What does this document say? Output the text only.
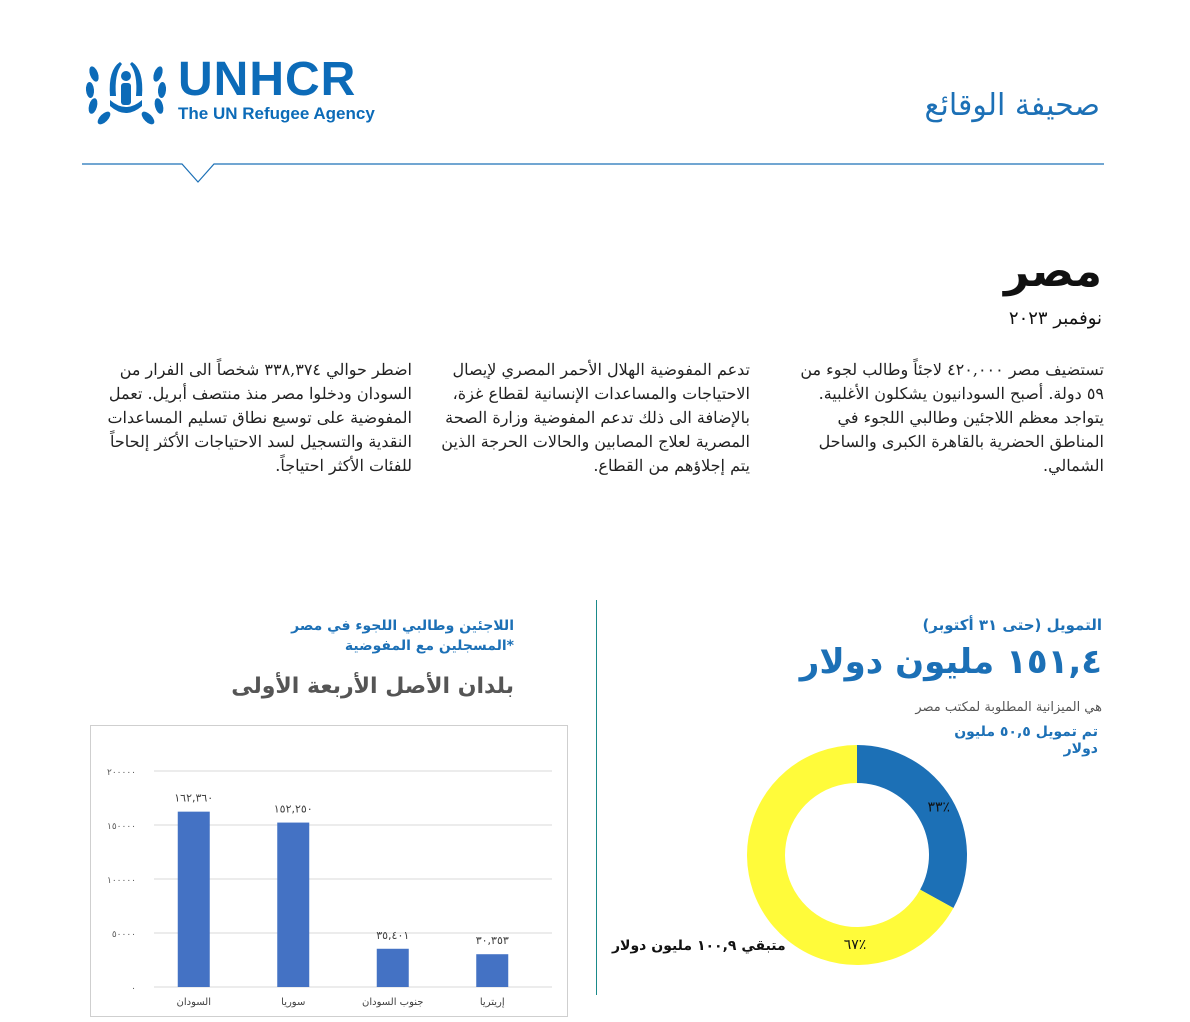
UNHCR
The UN Refugee Agency	صحيفة الوقائع
مصر
نوفمبر ٢٠٢٣
تستضيف مصر ٤٢٠,٠٠٠ لاجئاً وطالب لجوء من ٥٩ دولة. أصبح السودانيون يشكلون الأغلبية. يتواجد معظم اللاجئين وطالبي اللجوء في المناطق الحضرية بالقاهرة الكبرى والساحل الشمالي.
تدعم المفوضية الهلال الأحمر المصري لإيصال الاحتياجات والمساعدات الإنسانية لقطاع غزة، بالإضافة الى ذلك تدعم المفوضية وزارة الصحة المصرية لعلاج المصابين والحالات الحرجة الذين يتم إجلاؤهم من القطاع.
اضطر حوالي ٣٣٨,٣٧٤ شخصاً الى الفرار من السودان ودخلوا مصر منذ منتصف أبريل. تعمل المفوضية على توسيع نطاق تسليم المساعدات النقدية والتسجيل لسد الاحتياجات الأكثر إلحاحاً للفئات الأكثر احتياجاً.
التمويل (حتى ٣١ أكتوبر)
١٥١,٤ مليون دولار
هي الميزانية المطلوبة لمكتب مصر
تم تمويل ٥٠,٥ مليون دولار
٣٣٪
٦٧٪
متبقي ١٠٠,٩ مليون دولار
اللاجئين وطالبي اللجوء في مصر
*المسجلين مع المفوضية
بلدان الأصل الأربعة الأولى
٠
٥٠٠٠٠
١٠٠٠٠٠
١٥٠٠٠٠
٢٠٠٠٠٠
١٦٢,٣٦٠
السودان
١٥٢,٢٥٠
سوريا
٣٥,٤٠١
جنوب السودان
٣٠,٣٥٣
إريتريا
